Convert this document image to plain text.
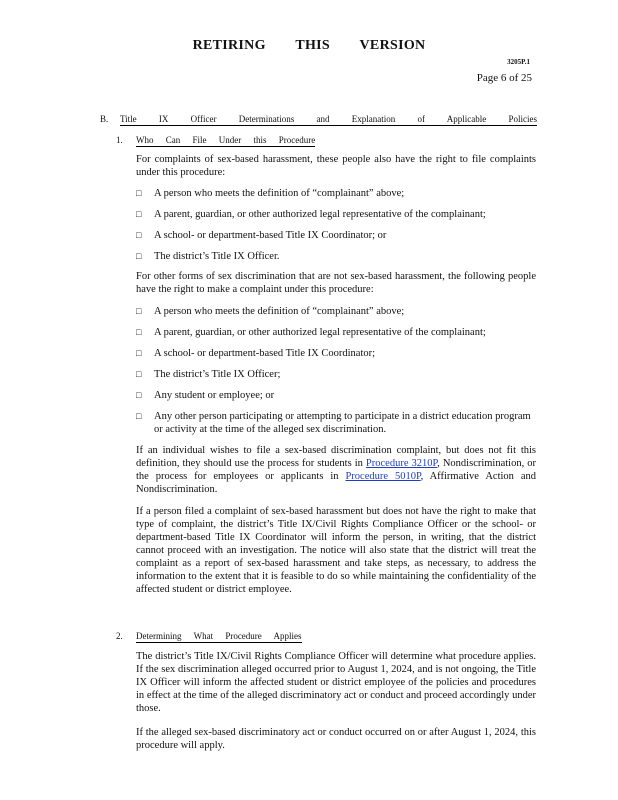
RETIRING THIS VERSION
3205P.1
Page 6 of 25
B. Title IX Officer Determinations and Explanation of Applicable Policies
1. Who Can File Under this Procedure
For complaints of sex-based harassment, these people also have the right to file complaints under this procedure:
□ A person who meets the definition of “complainant” above;
□ A parent, guardian, or other authorized legal representative of the complainant;
□ A school- or department-based Title IX Coordinator; or
□ The district’s Title IX Officer.
For other forms of sex discrimination that are not sex-based harassment, the following people have the right to make a complaint under this procedure:
□ A person who meets the definition of “complainant” above;
□ A parent, guardian, or other authorized legal representative of the complainant;
□ A school- or department-based Title IX Coordinator;
□ The district’s Title IX Officer;
□ Any student or employee; or
□ Any other person participating or attempting to participate in a district education program or activity at the time of the alleged sex discrimination.
If an individual wishes to file a sex-based discrimination complaint, but does not fit this definition, they should use the process for students in Procedure 3210P, Nondiscrimination, or the process for employees or applicants in Procedure 5010P, Affirmative Action and Nondiscrimination.
If a person filed a complaint of sex-based harassment but does not have the right to make that type of complaint, the district’s Title IX/Civil Rights Compliance Officer or the school- or department-based Title IX Coordinator will inform the person, in writing, that the district cannot proceed with an investigation. The notice will also state that the district will treat the complaint as a report of sex-based harassment and take steps, as necessary, to address the information to the extent that it is feasible to do so while maintaining the confidentiality of the affected student or district employee.
2. Determining What Procedure Applies
The district’s Title IX/Civil Rights Compliance Officer will determine what procedure applies. If the sex discrimination alleged occurred prior to August 1, 2024, and is not ongoing, the Title IX Officer will inform the affected student or district employee of the policies and procedures in effect at the time of the alleged discriminatory act or conduct and proceed accordingly under those.
If the alleged sex-based discriminatory act or conduct occurred on or after August 1, 2024, this procedure will apply.
